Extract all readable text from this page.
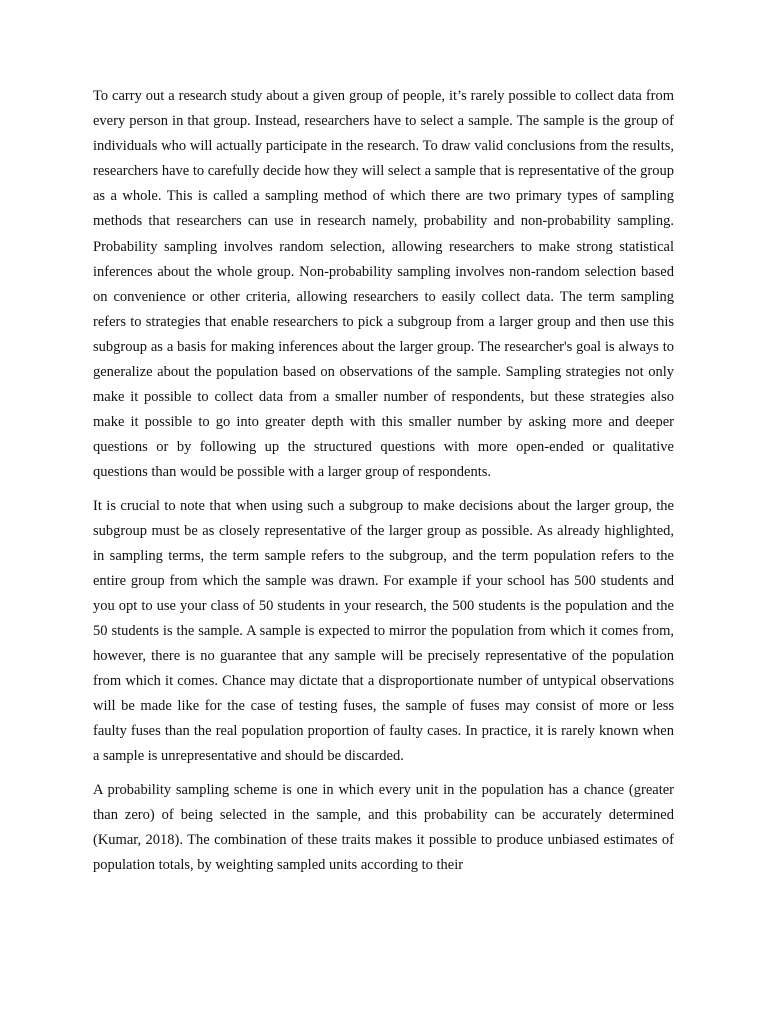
To carry out a research study about a given group of people, it’s rarely possible to collect data from every person in that group. Instead, researchers have to select a sample. The sample is the group of individuals who will actually participate in the research. To draw valid conclusions from the results, researchers have to carefully decide how they will select a sample that is representative of the group as a whole. This is called a sampling method of which there are two primary types of sampling methods that researchers can use in research namely, probability and non-probability sampling. Probability sampling involves random selection, allowing researchers to make strong statistical inferences about the whole group. Non-probability sampling involves non-random selection based on convenience or other criteria, allowing researchers to easily collect data. The term sampling refers to strategies that enable researchers to pick a subgroup from a larger group and then use this subgroup as a basis for making inferences about the larger group. The researcher's goal is always to generalize about the population based on observations of the sample. Sampling strategies not only make it possible to collect data from a smaller number of respondents, but these strategies also make it possible to go into greater depth with this smaller number by asking more and deeper questions or by following up the structured questions with more open-ended or qualitative questions than would be possible with a larger group of respondents.

It is crucial to note that when using such a subgroup to make decisions about the larger group, the subgroup must be as closely representative of the larger group as possible. As already highlighted, in sampling terms, the term sample refers to the subgroup, and the term population refers to the entire group from which the sample was drawn. For example if your school has 500 students and you opt to use your class of 50 students in your research, the 500 students is the population and the 50 students is the sample. A sample is expected to mirror the population from which it comes from, however, there is no guarantee that any sample will be precisely representative of the population from which it comes. Chance may dictate that a disproportionate number of untypical observations will be made like for the case of testing fuses, the sample of fuses may consist of more or less faulty fuses than the real population proportion of faulty cases. In practice, it is rarely known when a sample is unrepresentative and should be discarded.

A probability sampling scheme is one in which every unit in the population has a chance (greater than zero) of being selected in the sample, and this probability can be accurately determined (Kumar, 2018). The combination of these traits makes it possible to produce unbiased estimates of population totals, by weighting sampled units according to their
